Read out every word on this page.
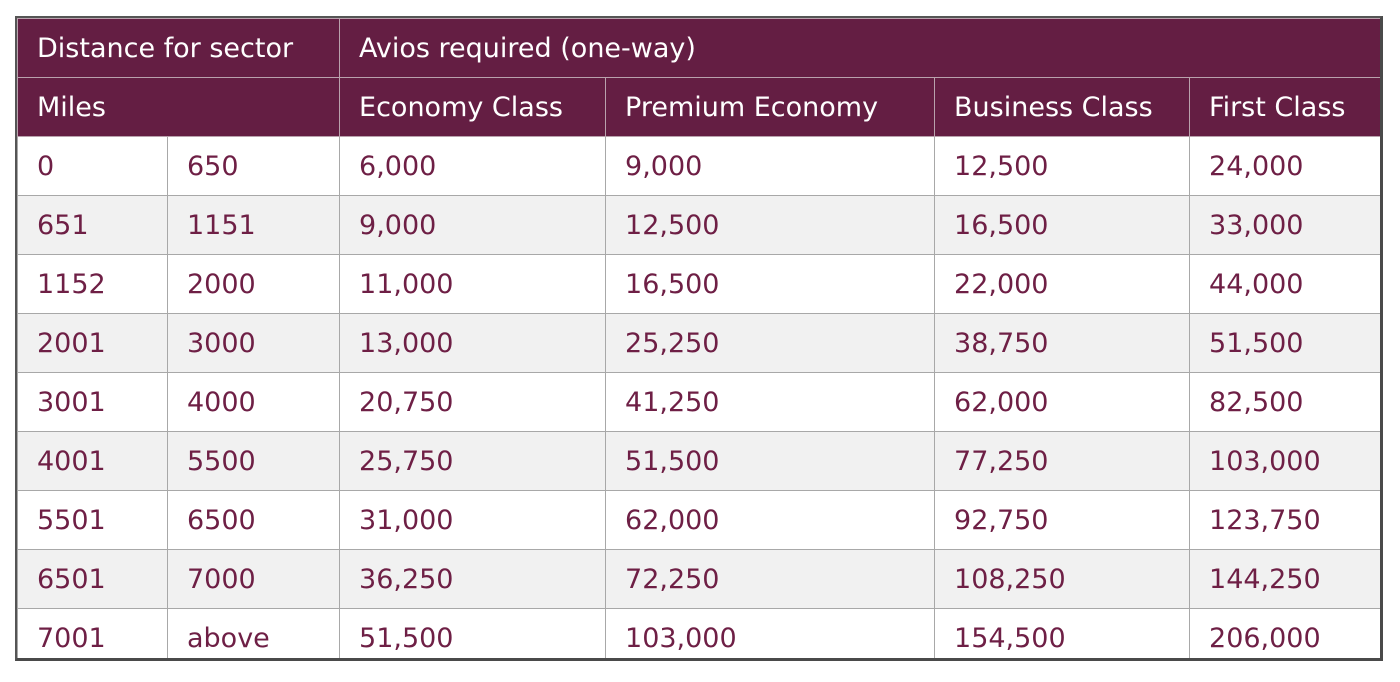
Distance for sector		Avios required (one-way)			
Miles		Economy Class	Premium Economy	Business Class	First Class
0	650	6,000	9,000	12,500	24,000
651	1151	9,000	12,500	16,500	33,000
1152	2000	11,000	16,500	22,000	44,000
2001	3000	13,000	25,250	38,750	51,500
3001	4000	20,750	41,250	62,000	82,500
4001	5500	25,750	51,500	77,250	103,000
5501	6500	31,000	62,000	92,750	123,750
6501	7000	36,250	72,250	108,250	144,250
7001	above	51,500	103,000	154,500	206,000
